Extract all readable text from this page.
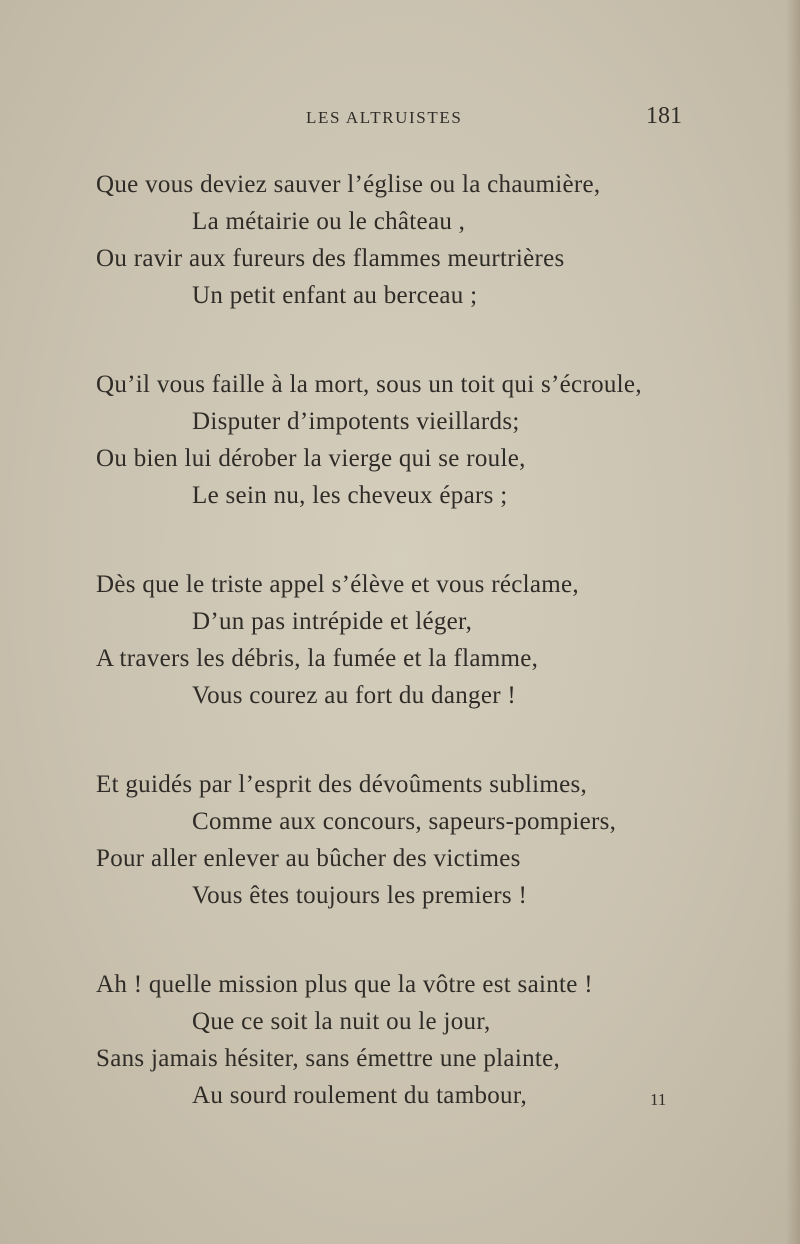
LES ALTRUISTES	181
Que vous deviez sauver l’église ou la chaumière,
La métairie ou le château ,
Ou ravir aux fureurs des flammes meurtrières
Un petit enfant au berceau ;
Qu’il vous faille à la mort, sous un toit qui s’écroule,
Disputer d’impotents vieillards;
Ou bien lui dérober la vierge qui se roule,
Le sein nu, les cheveux épars ;
Dès que le triste appel s’élève et vous réclame,
D’un pas intrépide et léger,
A travers les débris, la fumée et la flamme,
Vous courez au fort du danger !
Et guidés par l’esprit des dévoûments sublimes,
Comme aux concours, sapeurs-pompiers,
Pour aller enlever au bûcher des victimes
Vous êtes toujours les premiers !
Ah ! quelle mission plus que la vôtre est sainte !
Que ce soit la nuit ou le jour,
Sans jamais hésiter, sans émettre une plainte,
Au sourd roulement du tambour,	11
